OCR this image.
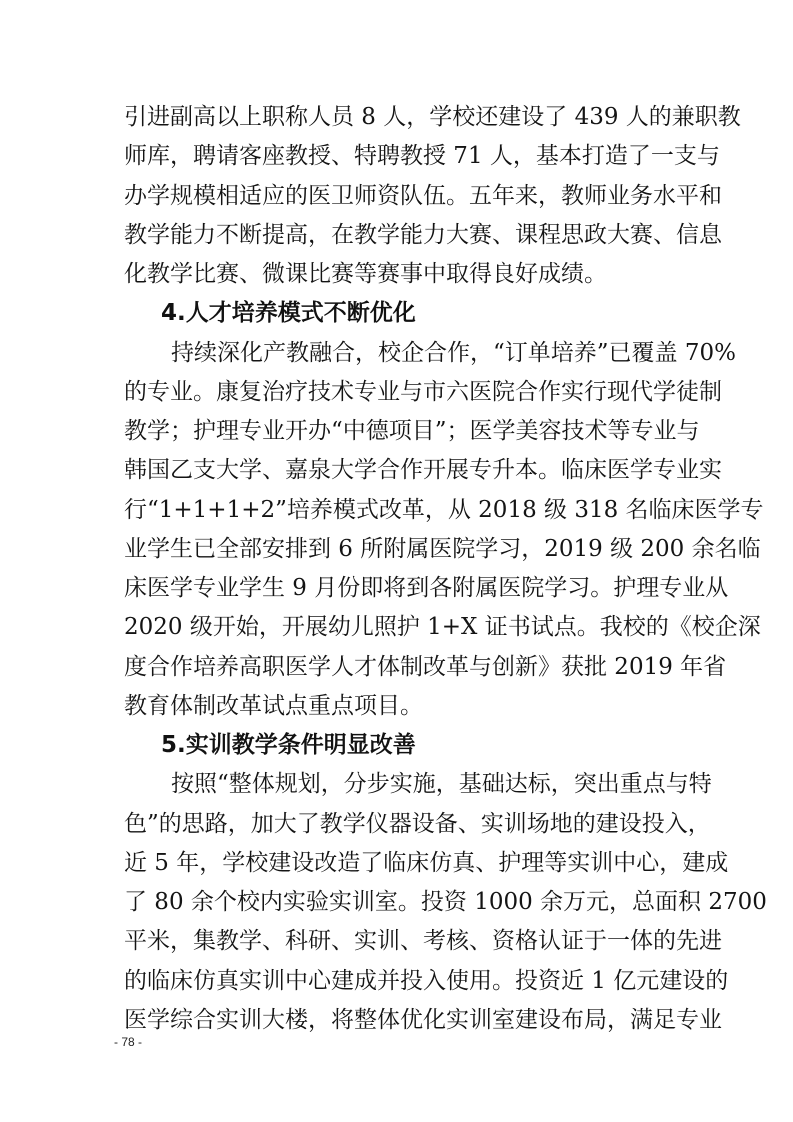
引进副高以上职称人员 8 人，学校还建设了 439 人的兼职教
师库，聘请客座教授、特聘教授 71 人，基本打造了一支与
办学规模相适应的医卫师资队伍。五年来，教师业务水平和
教学能力不断提高，在教学能力大赛、课程思政大赛、信息
化教学比赛、微课比赛等赛事中取得良好成绩。
4.人才培养模式不断优化
持续深化产教融合，校企合作，“订单培养”已覆盖 70%
的专业。康复治疗技术专业与市六医院合作实行现代学徒制
教学；护理专业开办“中德项目”；医学美容技术等专业与
韩国乙支大学、嘉泉大学合作开展专升本。临床医学专业实
行“1+1+1+2”培养模式改革，从 2018 级 318 名临床医学专
业学生已全部安排到 6 所附属医院学习，2019 级 200 余名临
床医学专业学生 9 月份即将到各附属医院学习。护理专业从
2020 级开始，开展幼儿照护 1+X 证书试点。我校的《校企深
度合作培养高职医学人才体制改革与创新》获批 2019 年省
教育体制改革试点重点项目。
5.实训教学条件明显改善
按照“整体规划，分步实施，基础达标，突出重点与特
色”的思路，加大了教学仪器设备、实训场地的建设投入，
近 5 年，学校建设改造了临床仿真、护理等实训中心，建成
了 80 余个校内实验实训室。投资 1000 余万元，总面积 2700
平米，集教学、科研、实训、考核、资格认证于一体的先进
的临床仿真实训中心建成并投入使用。投资近 1 亿元建设的
医学综合实训大楼，将整体优化实训室建设布局，满足专业
- 78 -
